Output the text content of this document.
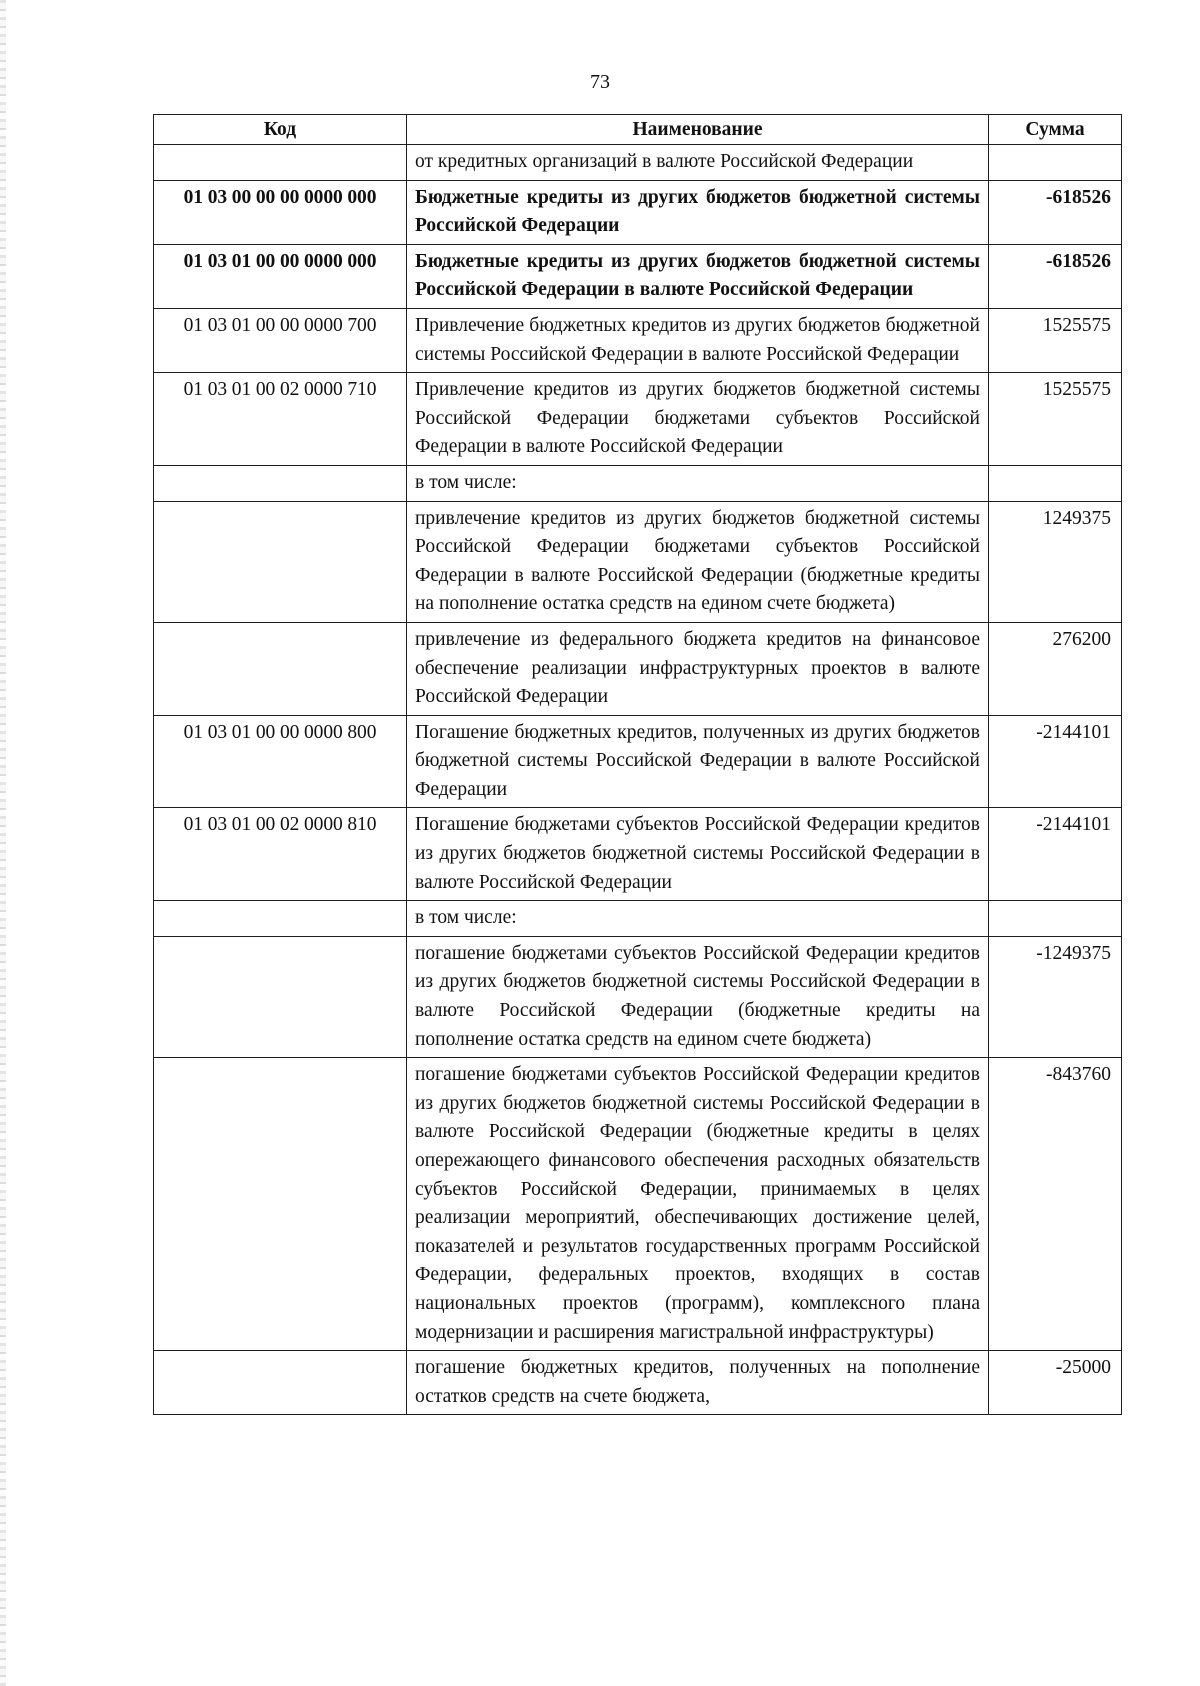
73
Код	Наименование	Сумма
	от кредитных организаций в валюте Российской Федерации	
01 03 00 00 00 0000 000	Бюджетные кредиты из других бюджетов бюджетной системы Российской Федерации	-618526
01 03 01 00 00 0000 000	Бюджетные кредиты из других бюджетов бюджетной системы Российской Федерации в валюте Российской Федерации	-618526
01 03 01 00 00 0000 700	Привлечение бюджетных кредитов из других бюджетов бюджетной системы Российской Федерации в валюте Российской Федерации	1525575
01 03 01 00 02 0000 710	Привлечение кредитов из других бюджетов бюджетной системы Российской Федерации бюджетами субъектов Российской Федерации в валюте Российской Федерации	1525575
	в том числе:	
	привлечение кредитов из других бюджетов бюджетной системы Российской Федерации бюджетами субъектов Российской Федерации в валюте Российской Федерации (бюджетные кредиты на пополнение остатка средств на едином счете бюджета)	1249375
	привлечение из федерального бюджета кредитов на финансовое обеспечение реализации инфраструктурных проектов в валюте Российской Федерации	276200
01 03 01 00 00 0000 800	Погашение бюджетных кредитов, полученных из других бюджетов бюджетной системы Российской Федерации в валюте Российской Федерации	-2144101
01 03 01 00 02 0000 810	Погашение бюджетами субъектов Российской Федерации кредитов из других бюджетов бюджетной системы Российской Федерации в валюте Российской Федерации	-2144101
	в том числе:	
	погашение бюджетами субъектов Российской Федерации кредитов из других бюджетов бюджетной системы Российской Федерации в валюте Российской Федерации (бюджетные кредиты на пополнение остатка средств на едином счете бюджета)	-1249375
	погашение бюджетами субъектов Российской Федерации кредитов из других бюджетов бюджетной системы Российской Федерации в валюте Российской Федерации (бюджетные кредиты в целях опережающего финансового обеспечения расходных обязательств субъектов Российской Федерации, принимаемых в целях реализации мероприятий, обеспечивающих достижение целей, показателей и результатов государственных программ Российской Федерации, федеральных проектов, входящих в состав национальных проектов (программ), комплексного плана модернизации и расширения магистральной инфраструктуры)	-843760
	погашение бюджетных кредитов, полученных на пополнение остатков средств на счете бюджета,	-25000
